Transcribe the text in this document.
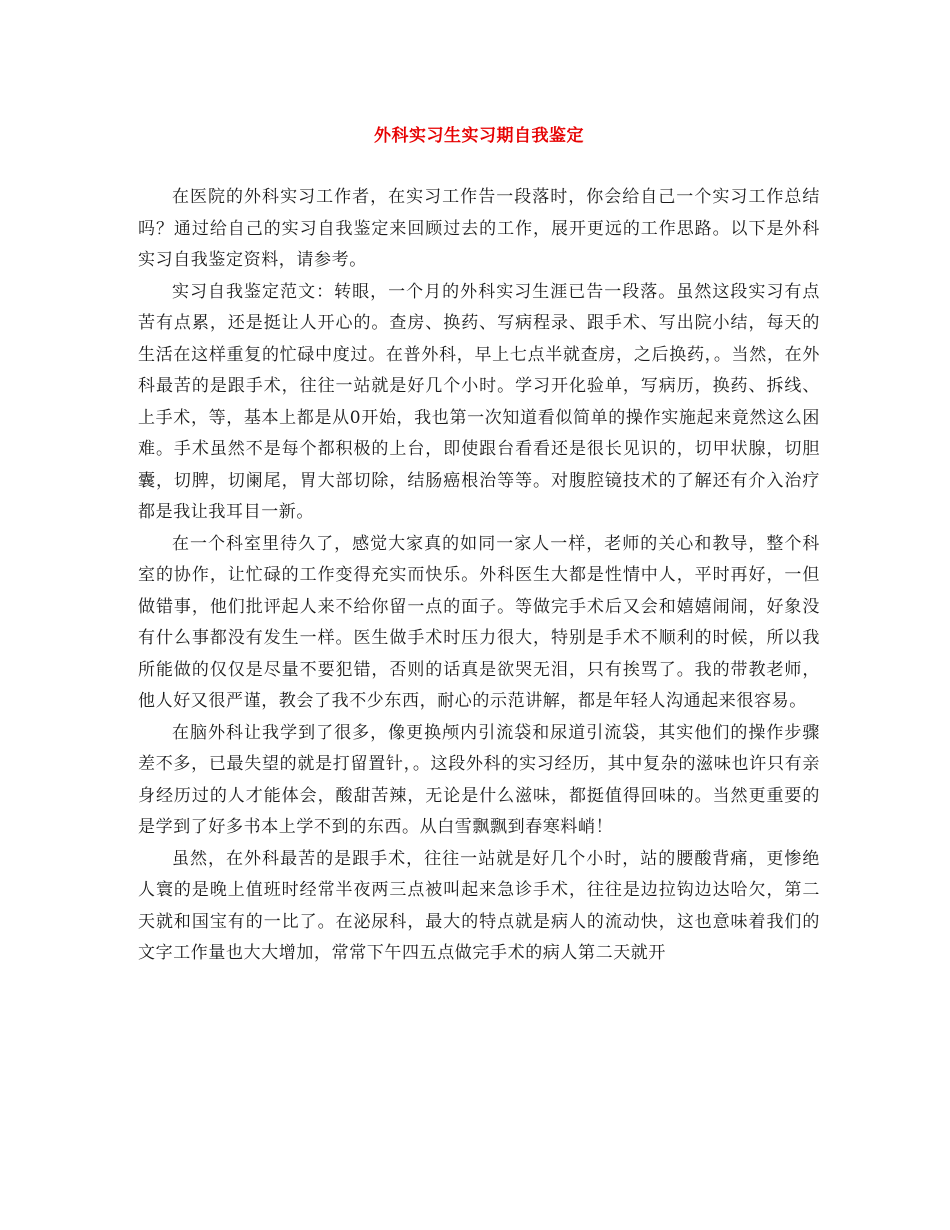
外科实习生实习期自我鉴定

在医院的外科实习工作者，在实习工作告一段落时，你会给自己一个实习工作总结吗？通过给自己的实习自我鉴定来回顾过去的工作，展开更远的工作思路。以下是外科实习自我鉴定资料，请参考。

实习自我鉴定范文：转眼，一个月的外科实习生涯已告一段落。虽然这段实习有点苦有点累，还是挺让人开心的。查房、换药、写病程录、跟手术、写出院小结，每天的生活在这样重复的忙碌中度过。在普外科，早上七点半就查房，之后换药，。当然，在外科最苦的是跟手术，往往一站就是好几个小时。学习开化验单，写病历，换药、拆线、上手术，等，基本上都是从0开始，我也第一次知道看似简单的操作实施起来竟然这么困难。手术虽然不是每个都积极的上台，即使跟台看看还是很长见识的，切甲状腺，切胆囊，切脾，切阑尾，胃大部切除，结肠癌根治等等。对腹腔镜技术的了解还有介入治疗都是我让我耳目一新。

在一个科室里待久了，感觉大家真的如同一家人一样，老师的关心和教导，整个科室的协作，让忙碌的工作变得充实而快乐。外科医生大都是性情中人，平时再好，一但做错事，他们批评起人来不给你留一点的面子。等做完手术后又会和嬉嬉闹闹，好象没有什么事都没有发生一样。医生做手术时压力很大，特别是手术不顺利的时候，所以我所能做的仅仅是尽量不要犯错，否则的话真是欲哭无泪，只有挨骂了。我的带教老师，他人好又很严谨，教会了我不少东西，耐心的示范讲解，都是年轻人沟通起来很容易。

在脑外科让我学到了很多，像更换颅内引流袋和尿道引流袋，其实他们的操作步骤差不多，已最失望的就是打留置针，。这段外科的实习经历，其中复杂的滋味也许只有亲身经历过的人才能体会，酸甜苦辣，无论是什么滋味，都挺值得回味的。当然更重要的是学到了好多书本上学不到的东西。从白雪飘飘到春寒料峭！

虽然，在外科最苦的是跟手术，往往一站就是好几个小时，站的腰酸背痛，更惨绝人寰的是晚上值班时经常半夜两三点被叫起来急诊手术，往往是边拉钩边达哈欠，第二天就和国宝有的一比了。在泌尿科，最大的特点就是病人的流动快，这也意味着我们的文字工作量也大大增加，常常下午四五点做完手术的病人第二天就开
